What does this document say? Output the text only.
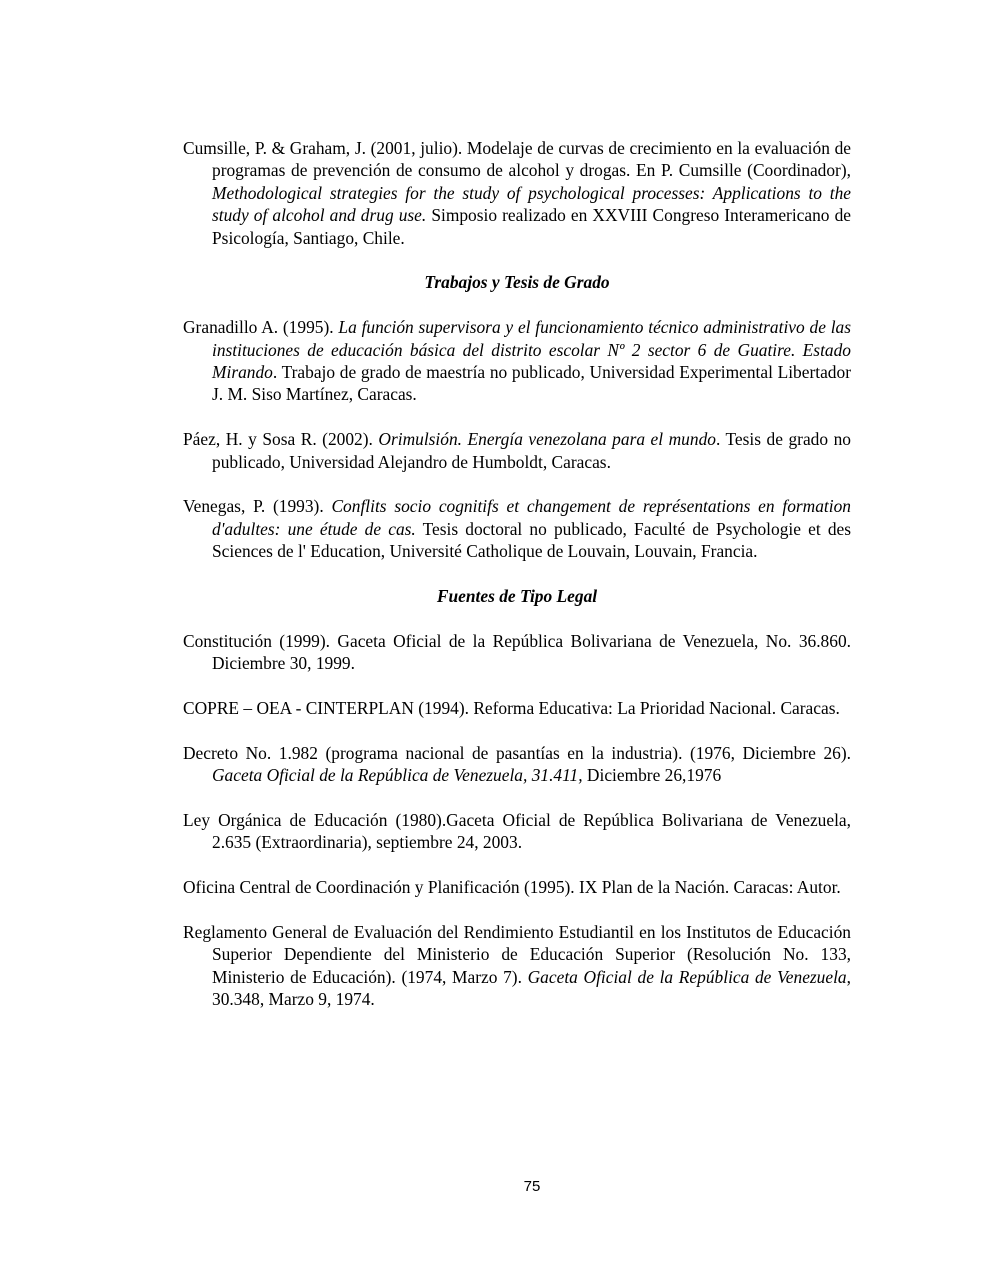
Cumsille, P. & Graham, J. (2001, julio). Modelaje de curvas de crecimiento en la evaluación de programas de prevención de consumo de alcohol y drogas. En P. Cumsille (Coordinador), Methodological strategies for the study of psychological processes: Applications to the study of alcohol and drug use. Simposio realizado en XXVIII Congreso Interamericano de Psicología, Santiago, Chile.

Trabajos y Tesis de Grado

Granadillo A. (1995). La función supervisora y el funcionamiento técnico administrativo de las instituciones de educación básica del distrito escolar Nº 2 sector 6 de Guatire. Estado Mirando. Trabajo de grado de maestría no publicado, Universidad Experimental Libertador J. M. Siso Martínez, Caracas.

Páez, H. y Sosa R. (2002). Orimulsión. Energía venezolana para el mundo. Tesis de grado no publicado, Universidad Alejandro de Humboldt, Caracas.

Venegas, P. (1993). Conflits socio cognitifs et changement de représentations en formation d'adultes: une étude de cas. Tesis doctoral no publicado, Faculté de Psychologie et des Sciences de l' Education, Université Catholique de Louvain, Louvain, Francia.

Fuentes de Tipo Legal

Constitución (1999). Gaceta Oficial de la República Bolivariana de Venezuela, No. 36.860. Diciembre 30, 1999.

COPRE – OEA - CINTERPLAN (1994). Reforma Educativa: La Prioridad Nacional. Caracas.

Decreto No. 1.982 (programa nacional de pasantías en la industria). (1976, Diciembre 26). Gaceta Oficial de la República de Venezuela, 31.411, Diciembre 26,1976

Ley Orgánica de Educación (1980).Gaceta Oficial de República Bolivariana de Venezuela, 2.635 (Extraordinaria), septiembre 24, 2003.

Oficina Central de Coordinación y Planificación (1995). IX Plan de la Nación. Caracas: Autor.

Reglamento General de Evaluación del Rendimiento Estudiantil en los Institutos de Educación Superior Dependiente del Ministerio de Educación Superior (Resolución No. 133, Ministerio de Educación). (1974, Marzo 7). Gaceta Oficial de la República de Venezuela, 30.348, Marzo 9, 1974.

75
